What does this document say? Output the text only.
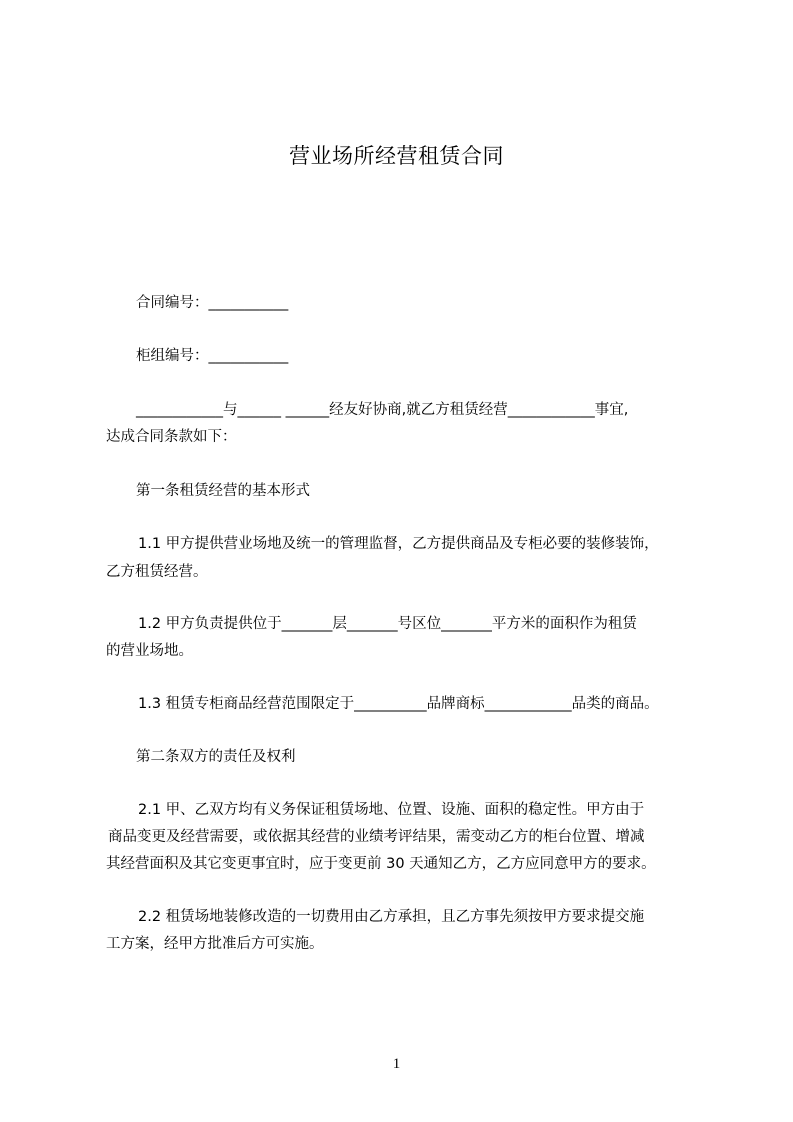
营业场所经营租赁合同
合同编号：___________
柜组编号：___________
____________与______ ______经友好协商,就乙方租赁经营____________事宜,
达成合同条款如下：
第一条租赁经营的基本形式
1.1 甲方提供营业场地及统一的管理监督，乙方提供商品及专柜必要的装修装饰，
乙方租赁经营。
1.2 甲方负责提供位于_______层_______号区位_______平方米的面积作为租赁
的营业场地。
1.3 租赁专柜商品经营范围限定于__________品牌商标____________品类的商品。
第二条双方的责任及权利
2.1 甲、乙双方均有义务保证租赁场地、位置、设施、面积的稳定性。甲方由于
商品变更及经营需要，或依据其经营的业绩考评结果，需变动乙方的柜台位置、增减
其经营面积及其它变更事宜时，应于变更前 30 天通知乙方，乙方应同意甲方的要求。
2.2 租赁场地装修改造的一切费用由乙方承担，且乙方事先须按甲方要求提交施
工方案，经甲方批准后方可实施。
1
